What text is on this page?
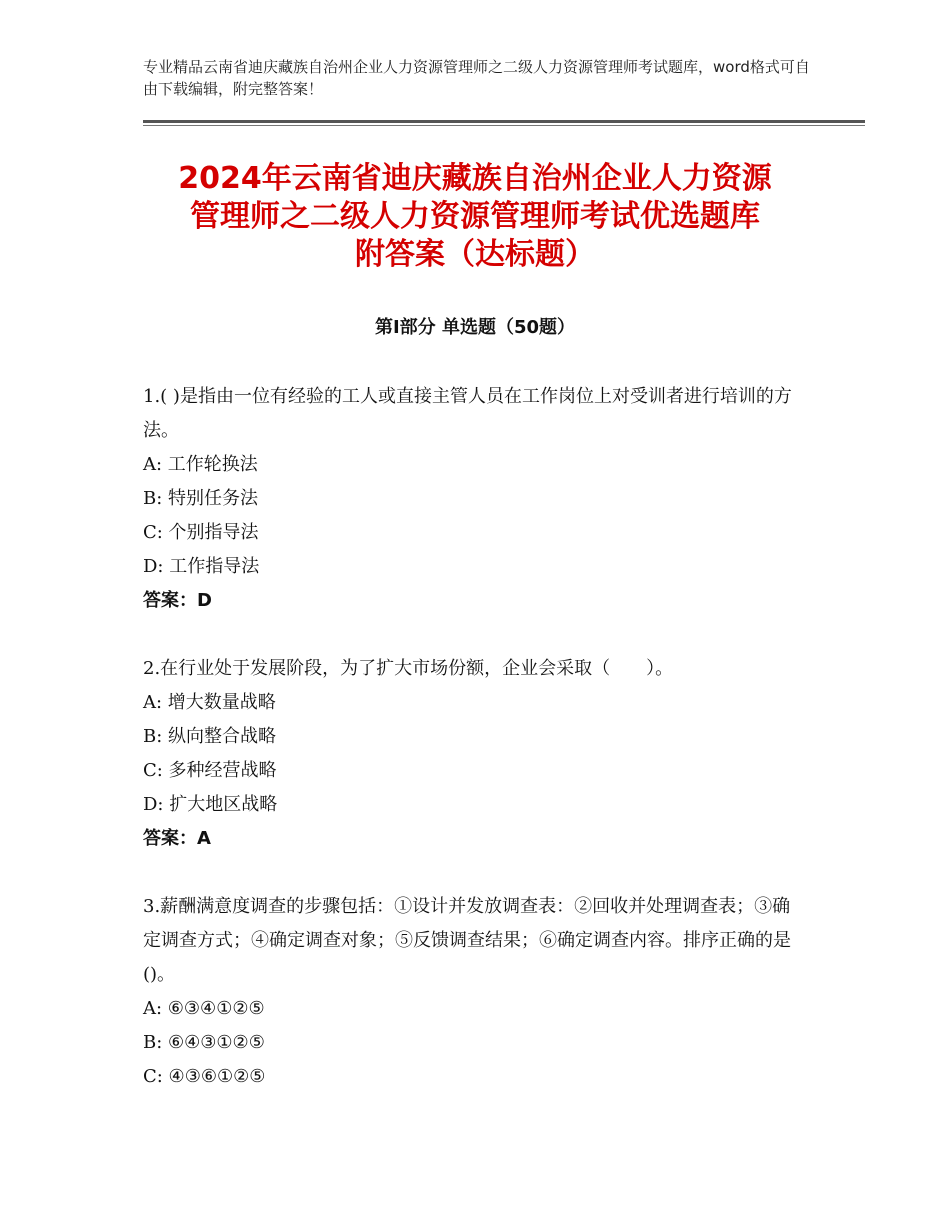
专业精品云南省迪庆藏族自治州企业人力资源管理师之二级人力资源管理师考试题库，word格式可自由下载编辑，附完整答案！
2024年云南省迪庆藏族自治州企业人力资源
管理师之二级人力资源管理师考试优选题库
附答案（达标题）
第Ⅰ部分 单选题（50题）
1.( )是指由一位有经验的工人或直接主管人员在工作岗位上对受训者进行培训的方法。
A: 工作轮换法
B: 特别任务法
C: 个别指导法
D: 工作指导法
答案：D
2.在行业处于发展阶段，为了扩大市场份额，企业会采取（　　）。
A: 增大数量战略
B: 纵向整合战略
C: 多种经营战略
D: 扩大地区战略
答案：A
3.薪酬满意度调查的步骤包括：①设计并发放调查表：②回收并处理调查表；③确定调查方式；④确定调查对象；⑤反馈调查结果；⑥确定调查内容。排序正确的是()。
A: ⑥③④①②⑤
B: ⑥④③①②⑤
C: ④③⑥①②⑤
